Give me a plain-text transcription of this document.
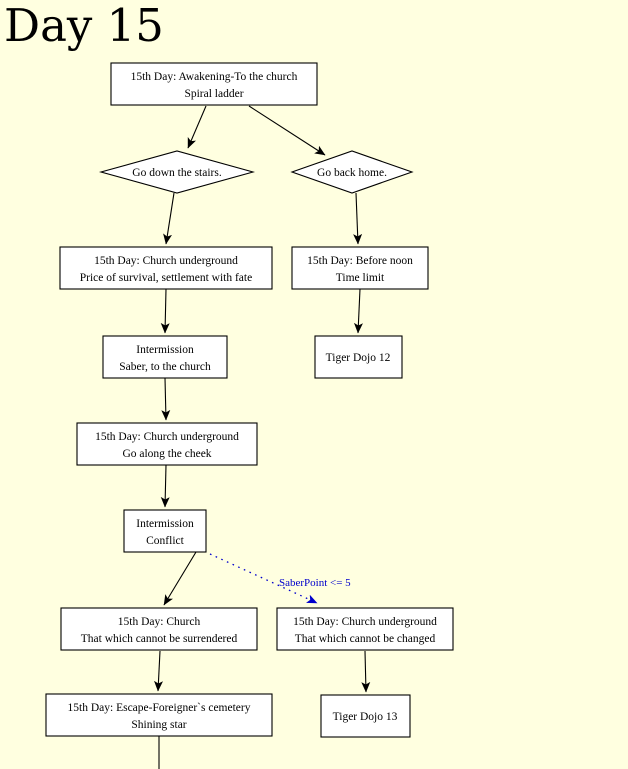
Day 15
SaberPoint <= 5
15th Day: Awakening-To the church
Spiral ladder
Go down the stairs.	Go back home.
15th Day: Church underground
Price of survival, settlement with fate
15th Day: Before noon
Time limit
Intermission
Saber, to the church
Tiger Dojo 12
15th Day: Church underground
Go along the cheek
Intermission
Conflict
15th Day: Church
That which cannot be surrendered
15th Day: Church underground
That which cannot be changed
15th Day: Escape-Foreigner`s cemetery
Shining star
Tiger Dojo 13
